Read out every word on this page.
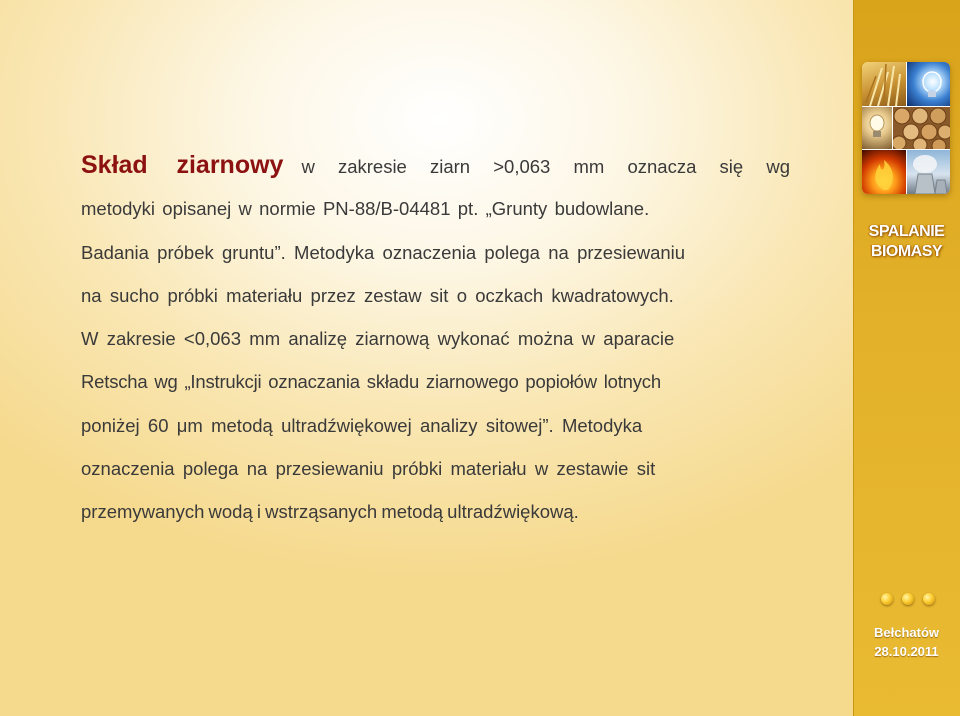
Skład  ziarnowy w  zakresie  ziarn  >0,063  mm  oznacza  się  wg
metodyki  opisanej  w  normie  PN-88/B-04481  pt.  „Grunty  budowlane.
Badania  próbek  gruntu”.  Metodyka  oznaczenia  polega  na  przesiewaniu
na  sucho  próbki  materiału  przez  zestaw  sit  o  oczkach  kwadratowych.
W  zakresie  <0,063  mm  analizę  ziarnową  wykonać  można  w  aparacie
Retscha  wg  „Instrukcji  oznaczania  składu  ziarnowego  popiołów  lotnych
poniżej  60  μm  metodą  ultradźwiękowej  analizy  sitowej”.  Metodyka
oznaczenia  polega  na  przesiewaniu  próbki  materiału  w  zestawie  sit
przemywanych wodą i wstrząsanych metodą ultradźwiękową.
SPALANIE
BIOMASY
Bełchatów
28.10.2011
